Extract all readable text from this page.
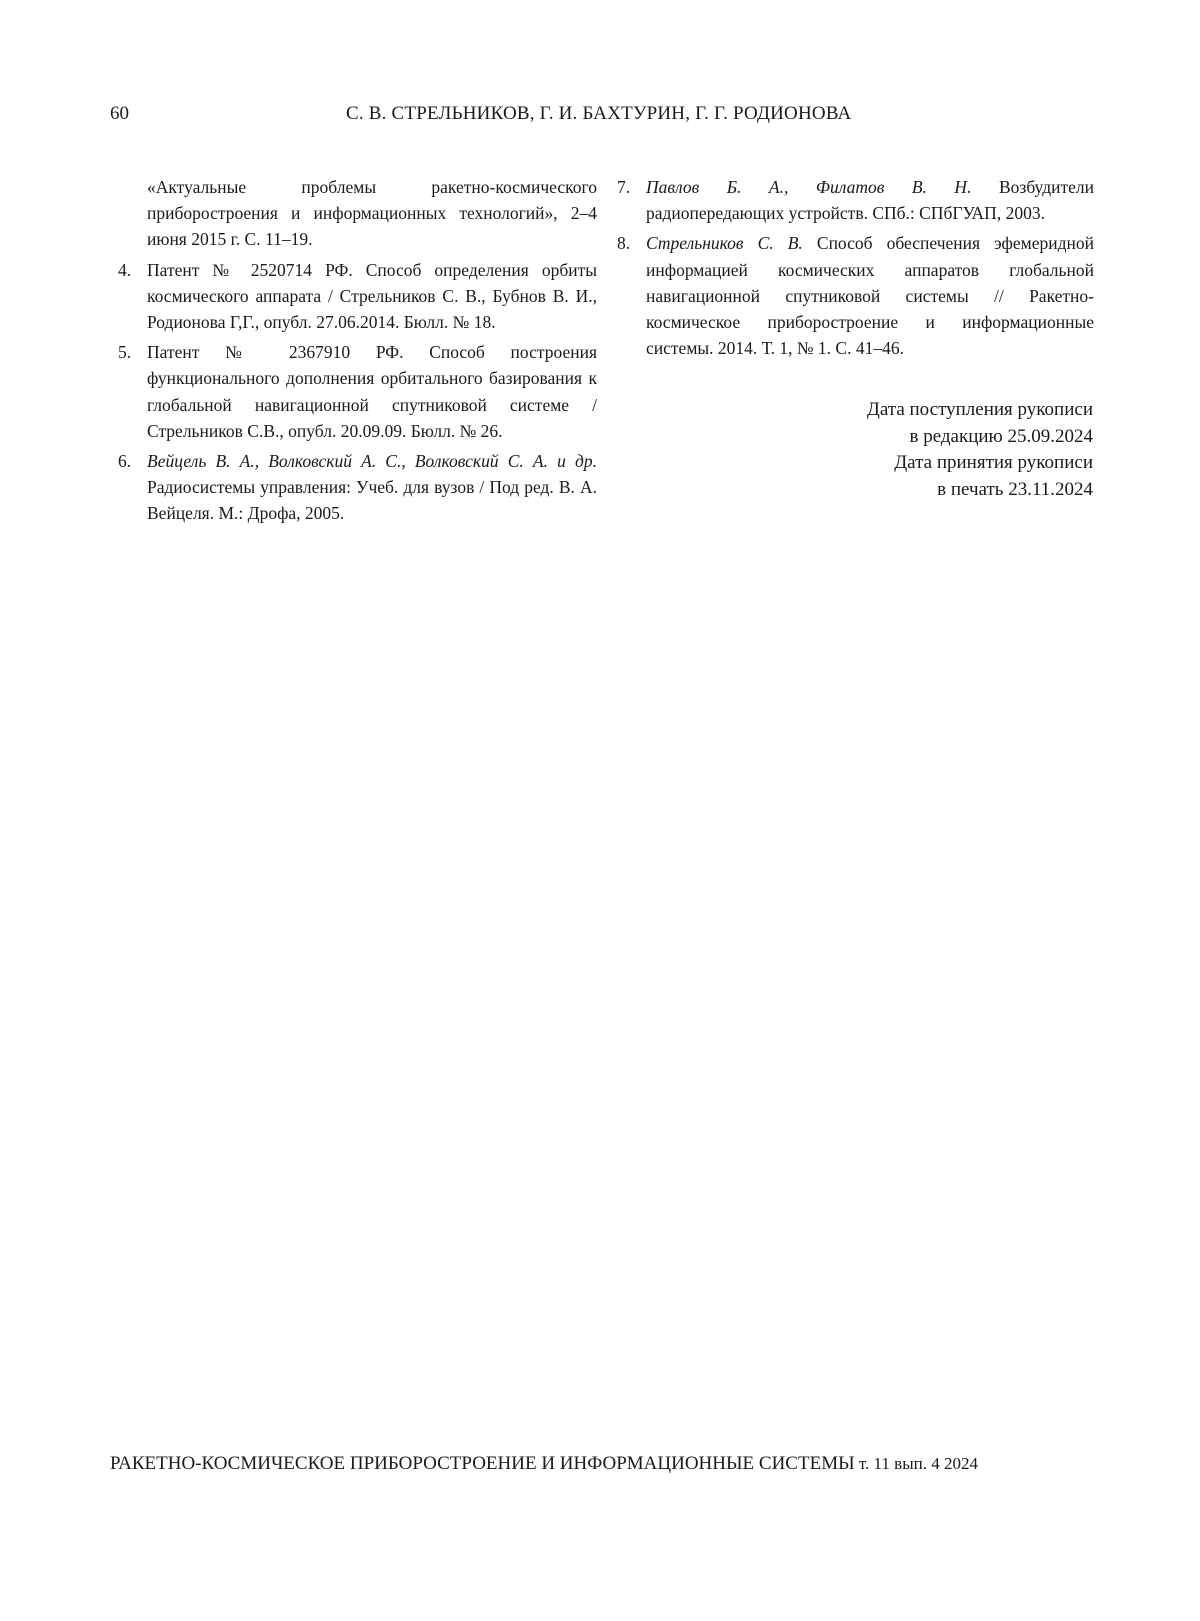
60	С. В. СТРЕЛЬНИКОВ, Г. И. БАХТУРИН, Г. Г. РОДИОНОВА
«Актуальные проблемы ракетно-космического приборостроения и информационных технологий», 2–4 июня 2015 г. С. 11–19.
4. Патент № 2520714 РФ. Способ определения орбиты космического аппарата / Стрельников С. В., Бубнов В. И., Родионова Г,Г., опубл. 27.06.2014. Бюлл. № 18.
5. Патент № 2367910 РФ. Способ построения функционального дополнения орбитального базирования к глобальной навигационной спутниковой системе / Стрельников С.В., опубл. 20.09.09. Бюлл. № 26.
6. Вейцель В. А., Волковский А. С., Волковский С. А. и др. Радиосистемы управления: Учеб. для вузов / Под ред. В. А. Вейцеля. М.: Дрофа, 2005.
7. Павлов Б. А., Филатов В. Н. Возбудители радиопередающих устройств. СПб.: СПбГУАП, 2003.
8. Стрельников С. В. Способ обеспечения эфемеридной информацией космических аппаратов глобальной навигационной спутниковой системы // Ракетно-космическое приборостроение и информационные системы. 2014. Т. 1, № 1. С. 41–46.
Дата поступления рукописи
в редакцию 25.09.2024
Дата принятия рукописи
в печать 23.11.2024
РАКЕТНО-КОСМИЧЕСКОЕ ПРИБОРОСТРОЕНИЕ И ИНФОРМАЦИОННЫЕ СИСТЕМЫ т. 11 вып. 4 2024
